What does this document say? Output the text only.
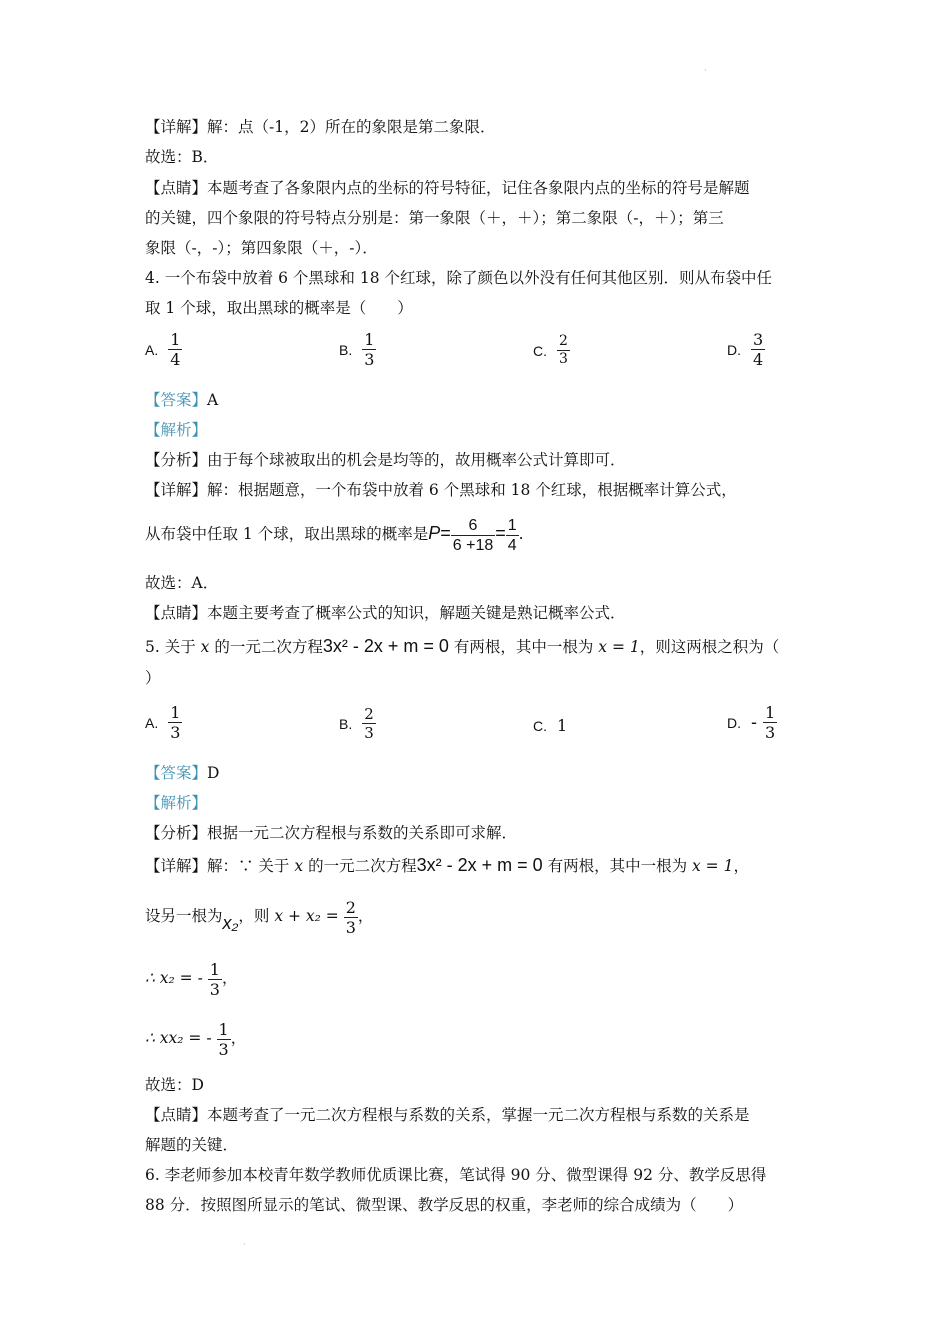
·
【详解】解：点（-1，2）所在的象限是第二象限．
故选：B．
【点睛】本题考查了各象限内点的坐标的符号特征，记住各象限内点的坐标的符号是解题
的关键，四个象限的符号特点分别是：第一象限（＋，＋）；第二象限（-，＋）；第三
象限（-，-）；第四象限（＋，-）．
4. 一个布袋中放着 6 个黑球和 18 个红球，除了颜色以外没有任何其他区别．则从布袋中任
取 1 个球，取出黑球的概率是（　　）
A.
1
4
B.
1
3	C.
2
3
D.
3
4
【答案】A
【解析】
【分析】由于每个球被取出的机会是均等的，故用概率公式计算即可．
【详解】解：根据题意，一个布袋中放着 6 个黑球和 18 个红球，根据概率计算公式，
从布袋中任取 1 个球，取出黑球的概率是$P= \frac{6}{6 +18} = \frac{1}{4}$ .
故选：A．
【点睛】本题主要考查了概率公式的知识，解题关键是熟记概率公式．
5. 关于 x 的一元二次方程3x² - 2x + m = 0 有两根，其中一根为 x = 1，则这两根之积为（
）
A.
1
3	B.
2
3	C. 1	D. - 1
3
【答案】D
【解析】
【分析】根据一元二次方程根与系数的关系即可求解．
【详解】解：∵ 关于 x 的一元二次方程3x² - 2x + m = 0 有两根，其中一根为 x = 1，
设另一根为x₂，则 $x + x_2 = \frac{2}{3}$ ，
∴ x₂ = - $\frac{1}{3}$ ，
∴ xx₂ = - $\frac{1}{3}$ ，
故选：D
【点睛】本题考查了一元二次方程根与系数的关系，掌握一元二次方程根与系数的关系是
解题的关键．
6. 李老师参加本校青年数学教师优质课比赛，笔试得 90 分、微型课得 92 分、教学反思得
88 分．按照图所显示的笔试、微型课、教学反思的权重，李老师的综合成绩为（　　）
·
